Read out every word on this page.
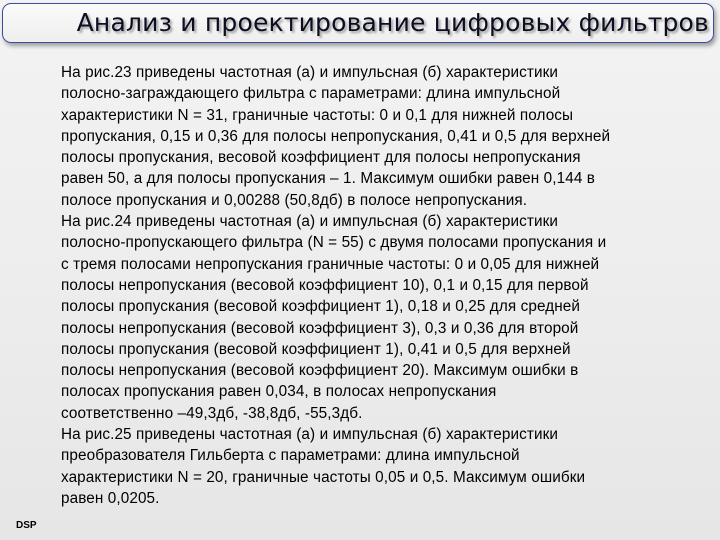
Анализ и проектирование цифровых фильтров

На рис.23 приведены частотная (а) и импульсная (б) характеристики
полосно-заграждающего фильтра с параметрами: длина импульсной
характеристики N = 31, граничные частоты: 0 и 0,1 для нижней полосы
пропускания, 0,15 и 0,36 для полосы непропускания, 0,41 и 0,5 для верхней
полосы пропускания, весовой коэффициент для полосы непропускания
равен 50, а для полосы пропускания – 1. Максимум ошибки равен 0,144 в
полосе пропускания и 0,00288 (50,8дб) в полосе непропускания.

На рис.24 приведены частотная (а) и импульсная (б) характеристики
полосно-пропускающего фильтра (N = 55) с двумя полосами пропускания и
с тремя полосами непропускания граничные частоты: 0 и 0,05 для нижней
полосы непропускания (весовой коэффициент 10), 0,1 и 0,15 для первой
полосы пропускания (весовой коэффициент 1), 0,18 и 0,25 для средней
полосы непропускания (весовой коэффициент 3), 0,3 и 0,36 для второй
полосы пропускания (весовой коэффициент 1), 0,41 и 0,5 для верхней
полосы непропускания (весовой коэффициент 20). Максимум ошибки в
полосах пропускания равен 0,034, в полосах непропускания
соответственно –49,3дб, -38,8дб, -55,3дб.

На рис.25 приведены частотная (а) и импульсная (б) характеристики
преобразователя Гильберта с параметрами: длина импульсной
характеристики N = 20, граничные частоты 0,05 и 0,5. Максимум ошибки
равен 0,0205.

DSP
